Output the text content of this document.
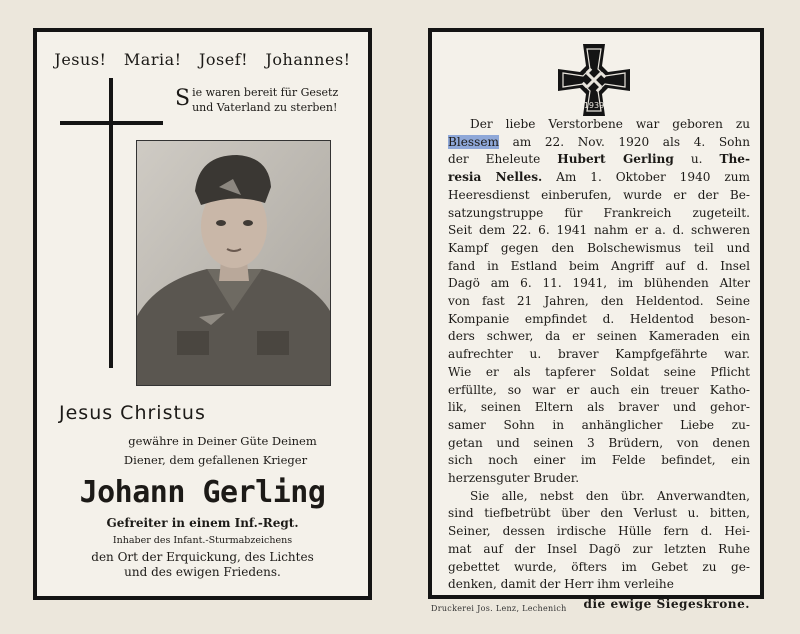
Jesus! Maria! Josef! Johannes!
S ie waren bereit für Gesetz
und Vaterland zu sterben!
Jesus Christus
gewähre in Deiner Güte Deinem
Diener, dem gefallenen Krieger
Johann Gerling
Gefreiter in einem Inf.-Regt.
Inhaber des Infant.-Sturmabzeichens
den Ort der Erquickung, des Lichtes
und des ewigen Friedens.
1939
Der liebe Verstorbene war geboren zu
Blessem am 22. Nov. 1920 als 4. Sohn
der Eheleute Hubert Gerling u. The-
resia Nelles. Am 1. Oktober 1940 zum
Heeresdienst einberufen, wurde er der Be-
satzungstruppe für Frankreich zugeteilt.
Seit dem 22. 6. 1941 nahm er a. d. schweren
Kampf gegen den Bolschewismus teil und
fand in Estland beim Angriff auf d. Insel
Dagö am 6. 11. 1941, im blühenden Alter
von fast 21 Jahren, den Heldentod. Seine
Kompanie empfindet d. Heldentod beson-
ders schwer, da er seinen Kameraden ein
aufrechter u. braver Kampfgefährte war.
Wie er als tapferer Soldat seine Pflicht
erfüllte, so war er auch ein treuer Katho-
lik, seinen Eltern als braver und gehor-
samer Sohn in anhänglicher Liebe zu-
getan und seinen 3 Brüdern, von denen
sich noch einer im Felde befindet, ein
herzensguter Bruder.
Sie alle, nebst den übr. Anverwandten,
sind tiefbetrübt über den Verlust u. bitten,
Seiner, dessen irdische Hülle fern d. Hei-
mat auf der Insel Dagö zur letzten Ruhe
gebettet wurde, öfters im Gebet zu ge-
denken, damit der Herr ihm verleihe
die ewige Siegeskrone.
Druckerei Jos. Lenz, Lechenich
